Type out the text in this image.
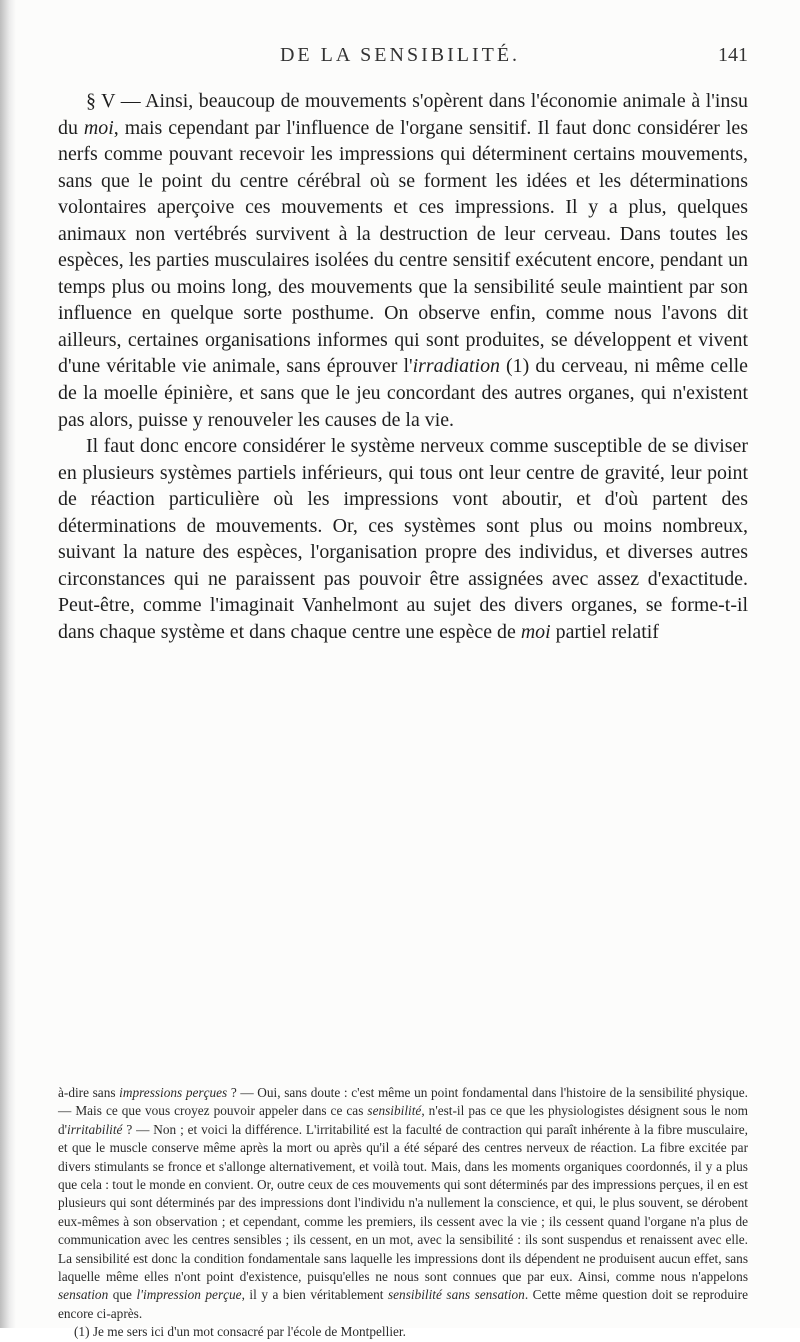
DE LA SENSIBILITÉ.	141

§ V — Ainsi, beaucoup de mouvements s'opèrent dans l'économie animale à l'insu du moi, mais cependant par l'influence de l'organe sensitif. Il faut donc considérer les nerfs comme pouvant recevoir les impressions qui déterminent certains mouvements, sans que le point du centre cérébral où se forment les idées et les déterminations volontaires aperçoive ces mouvements et ces impressions. Il y a plus, quelques animaux non vertébrés survivent à la destruction de leur cerveau. Dans toutes les espèces, les parties musculaires isolées du centre sensitif exécutent encore, pendant un temps plus ou moins long, des mouvements que la sensibilité seule maintient par son influence en quelque sorte posthume. On observe enfin, comme nous l'avons dit ailleurs, certaines organisations informes qui sont produites, se développent et vivent d'une véritable vie animale, sans éprouver l'irradiation (1) du cerveau, ni même celle de la moelle épinière, et sans que le jeu concordant des autres organes, qui n'existent pas alors, puisse y renouveler les causes de la vie.

Il faut donc encore considérer le système nerveux comme susceptible de se diviser en plusieurs systèmes partiels inférieurs, qui tous ont leur centre de gravité, leur point de réaction particulière où les impressions vont aboutir, et d'où partent des déterminations de mouvements. Or, ces systèmes sont plus ou moins nombreux, suivant la nature des espèces, l'organisation propre des individus, et diverses autres circonstances qui ne paraissent pas pouvoir être assignées avec assez d'exactitude. Peut-être, comme l'imaginait Vanhelmont au sujet des divers organes, se forme-t-il dans chaque système et dans chaque centre une espèce de moi partiel relatif

à-dire sans impressions perçues ? — Oui, sans doute : c'est même un point fondamental dans l'histoire de la sensibilité physique. — Mais ce que vous croyez pouvoir appeler dans ce cas sensibilité, n'est-il pas ce que les physiologistes désignent sous le nom d'irritabilité ? — Non ; et voici la différence. L'irritabilité est la faculté de contraction qui paraît inhérente à la fibre musculaire, et que le muscle conserve même après la mort ou après qu'il a été séparé des centres nerveux de réaction. La fibre excitée par divers stimulants se fronce et s'allonge alternativement, et voilà tout. Mais, dans les moments organiques coordonnés, il y a plus que cela : tout le monde en convient. Or, outre ceux de ces mouvements qui sont déterminés par des impressions perçues, il en est plusieurs qui sont déterminés par des impressions dont l'individu n'a nullement la conscience, et qui, le plus souvent, se dérobent eux-mêmes à son observation ; et cependant, comme les premiers, ils cessent avec la vie ; ils cessent quand l'organe n'a plus de communication avec les centres sensibles ; ils cessent, en un mot, avec la sensibilité : ils sont suspendus et renaissent avec elle. La sensibilité est donc la condition fondamentale sans laquelle les impressions dont ils dépendent ne produisent aucun effet, sans laquelle même elles n'ont point d'existence, puisqu'elles ne nous sont connues que par eux. Ainsi, comme nous n'appelons sensation que l'impression perçue, il y a bien véritablement sensibilité sans sensation. Cette même question doit se reproduire encore ci-après.

(1) Je me sers ici d'un mot consacré par l'école de Montpellier.
